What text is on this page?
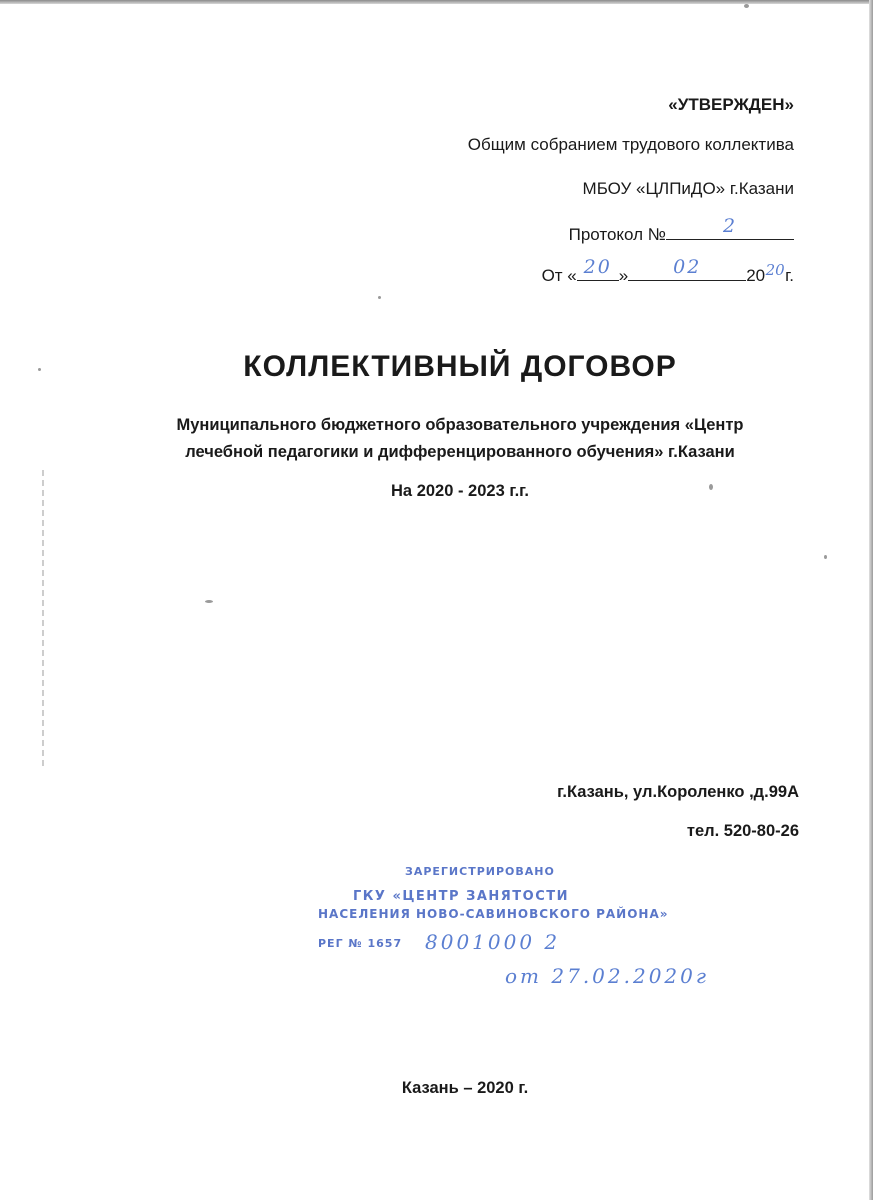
«УТВЕРЖДЕН»
Общим собранием трудового коллектива
МБОУ «ЦЛПиДО» г.Казани
Протокол №	2
От « 20 »	02	20 20 г.
КОЛЛЕКТИВНЫЙ ДОГОВОР
Муниципального бюджетного образовательного учреждения «Центр
лечебной педагогики и дифференцированного обучения» г.Казани
На 2020 - 2023 г.г.
г.Казань, ул.Короленко ,д.99А
тел. 520-80-26
ЗАРЕГИСТРИРОВАНО
ГКУ «ЦЕНТР ЗАНЯТОСТИ
НАСЕЛЕНИЯ НОВО-САВИНОВСКОГО РАЙОНА»
РЕГ № 1657 8001000 2
от 27.02.2020г
Казань – 2020 г.
